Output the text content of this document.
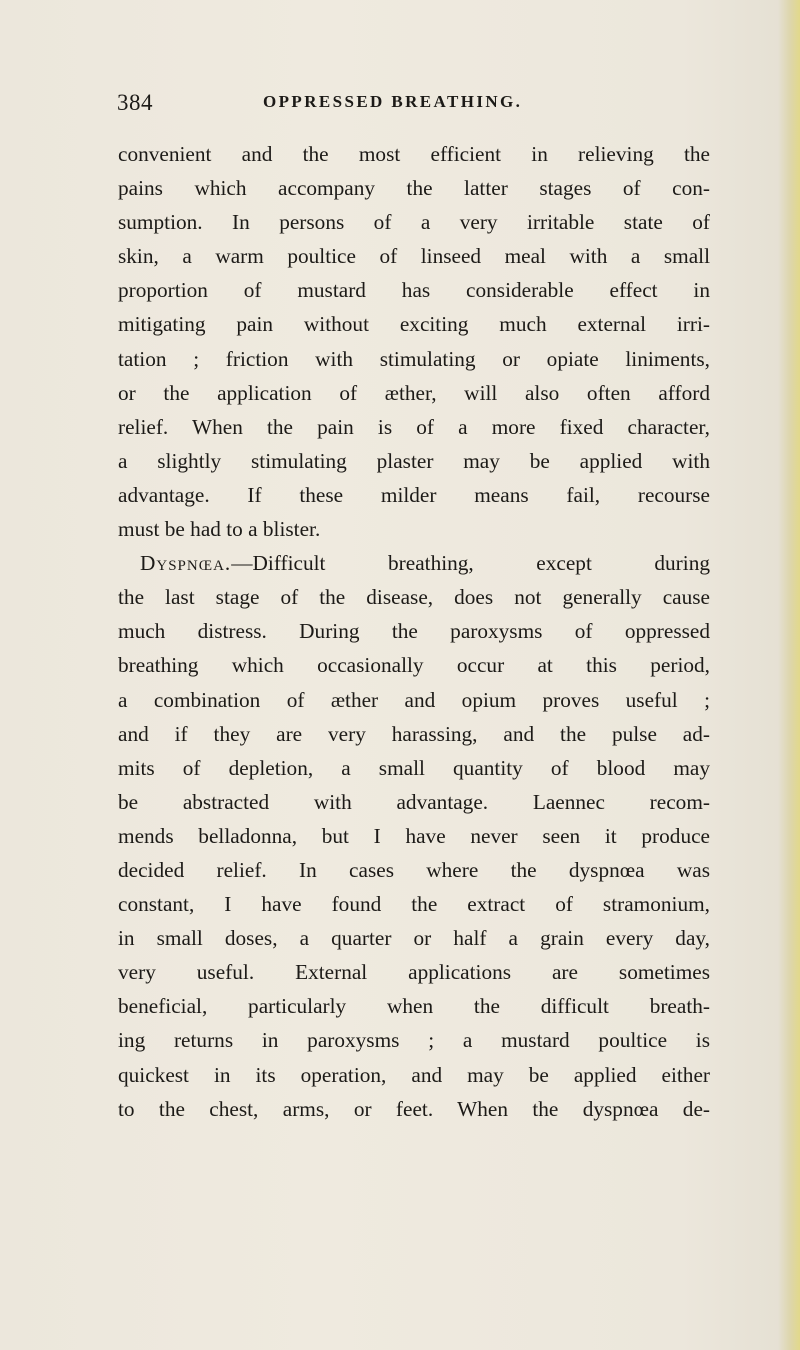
384	OPPRESSED BREATHING.
convenient and the most efficient in relieving the
pains which accompany the latter stages of con-
sumption. In persons of a very irritable state of
skin, a warm poultice of linseed meal with a small
proportion of mustard has considerable effect in
mitigating pain without exciting much external irri-
tation ; friction with stimulating or opiate liniments,
or the application of æther, will also often afford
relief. When the pain is of a more fixed character,
a slightly stimulating plaster may be applied with
advantage. If these milder means fail, recourse
must be had to a blister.
Dyspnœa.—Difficult breathing, except during
the last stage of the disease, does not generally cause
much distress. During the paroxysms of oppressed
breathing which occasionally occur at this period,
a combination of æther and opium proves useful ;
and if they are very harassing, and the pulse ad-
mits of depletion, a small quantity of blood may
be abstracted with advantage. Laennec recom-
mends belladonna, but I have never seen it produce
decided relief. In cases where the dyspnœa was
constant, I have found the extract of stramonium,
in small doses, a quarter or half a grain every day,
very useful. External applications are sometimes
beneficial, particularly when the difficult breath-
ing returns in paroxysms ; a mustard poultice is
quickest in its operation, and may be applied either
to the chest, arms, or feet. When the dyspnœa de-
